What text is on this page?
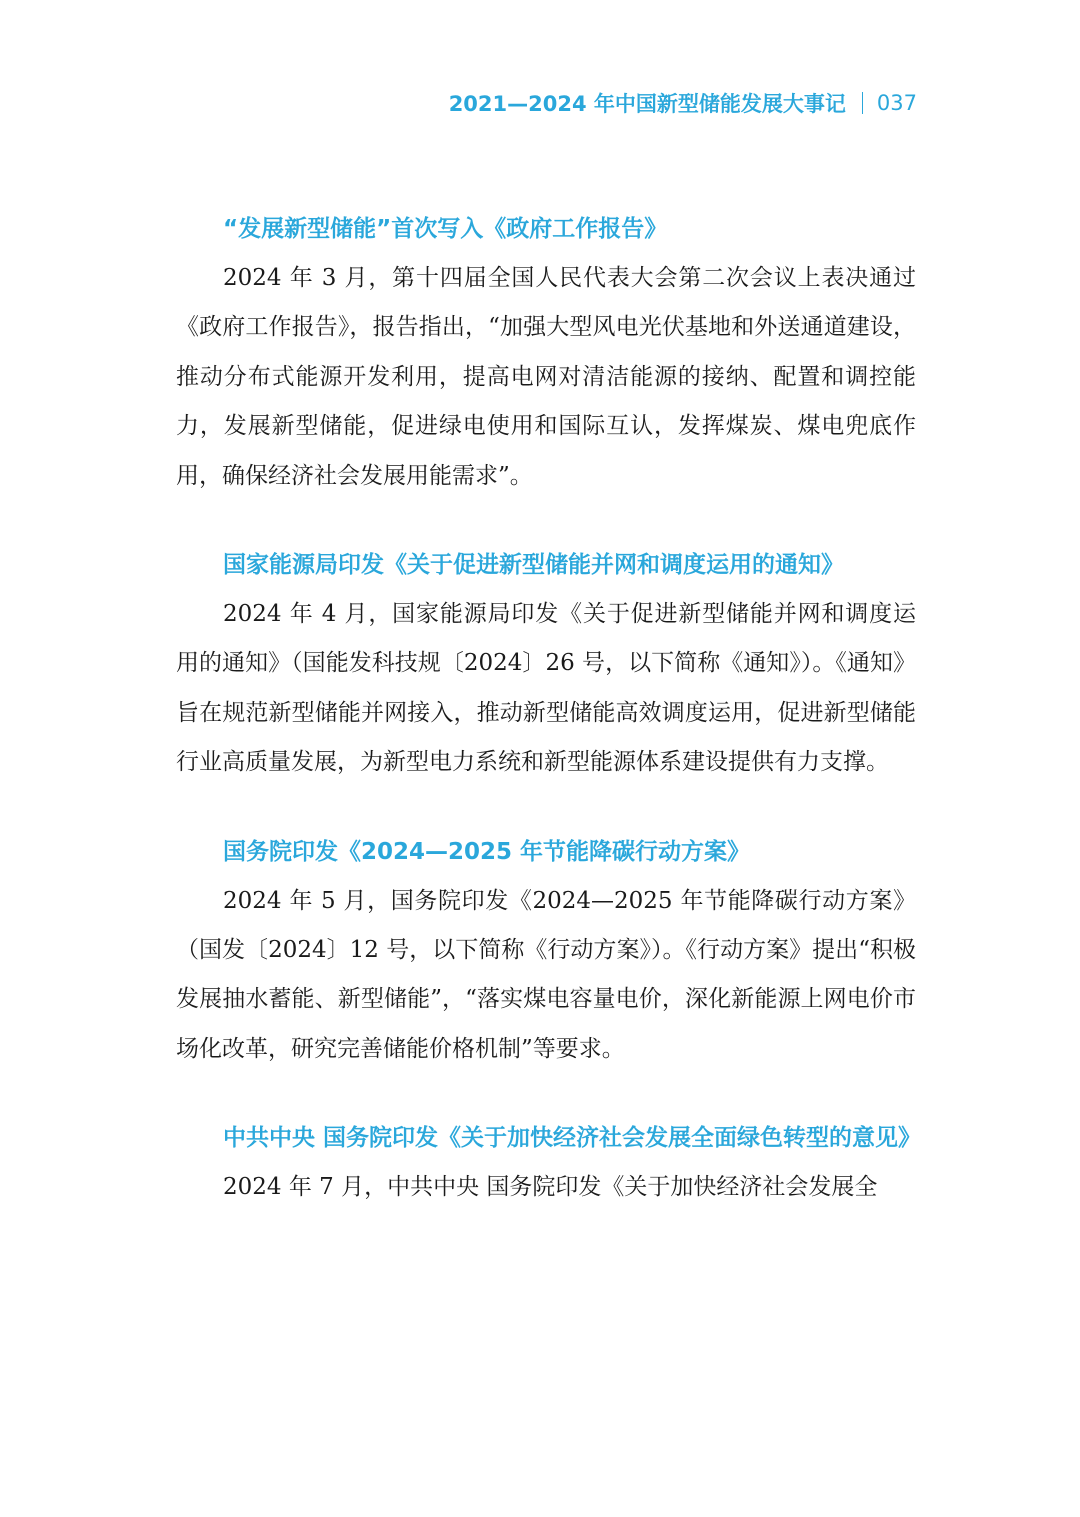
2021—2024 年中国新型储能发展大事记 037

“发展新型储能”首次写入《政府工作报告》

2024 年 3 月，第十四届全国人民代表大会第二次会议上表决通过《政府工作报告》，报告指出，“加强大型风电光伏基地和外送通道建设，推动分布式能源开发利用，提高电网对清洁能源的接纳、配置和调控能力，发展新型储能，促进绿电使用和国际互认，发挥煤炭、煤电兜底作用，确保经济社会发展用能需求”。

国家能源局印发《关于促进新型储能并网和调度运用的通知》

2024 年 4 月，国家能源局印发《关于促进新型储能并网和调度运用的通知》（国能发科技规〔2024〕26 号，以下简称《通知》）。《通知》旨在规范新型储能并网接入，推动新型储能高效调度运用，促进新型储能行业高质量发展，为新型电力系统和新型能源体系建设提供有力支撑。

国务院印发《2024—2025 年节能降碳行动方案》

2024 年 5 月，国务院印发《2024—2025 年节能降碳行动方案》（国发〔2024〕12 号，以下简称《行动方案》）。《行动方案》提出“积极发展抽水蓄能、新型储能”，“落实煤电容量电价，深化新能源上网电价市场化改革，研究完善储能价格机制”等要求。

中共中央 国务院印发《关于加快经济社会发展全面绿色转型的意见》

2024 年 7 月，中共中央 国务院印发《关于加快经济社会发展全
